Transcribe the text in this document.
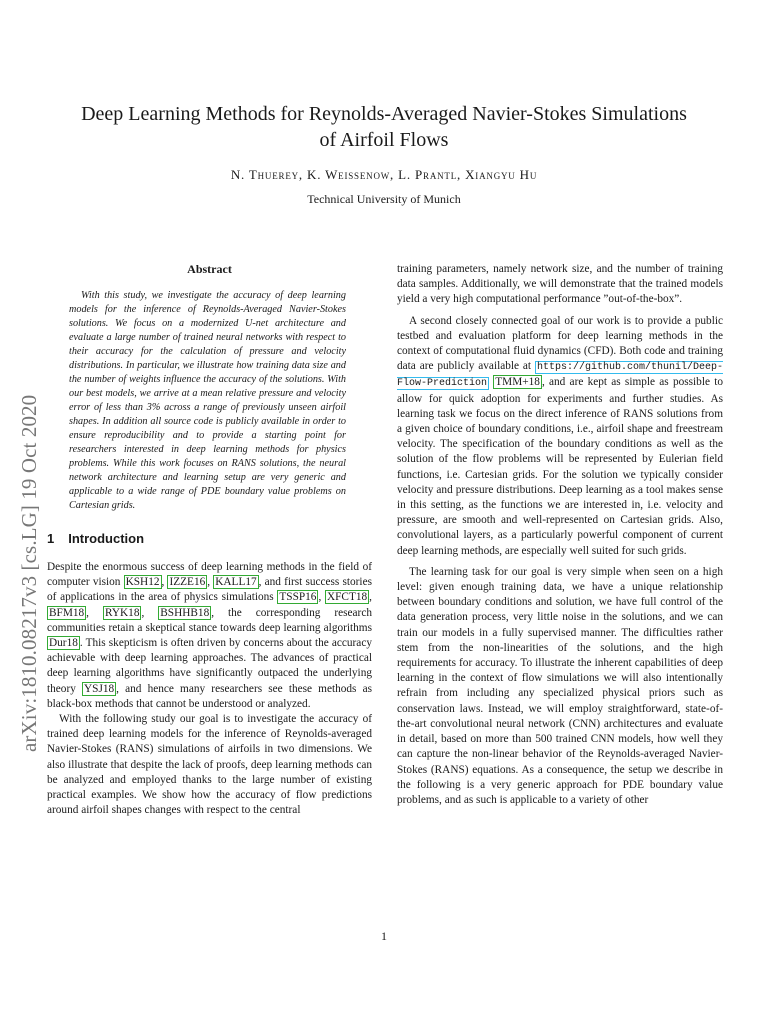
arXiv:1810.08217v3 [cs.LG] 19 Oct 2020
Deep Learning Methods for Reynolds-Averaged Navier-Stokes Simulations
of Airfoil Flows
N. Thuerey, K. Weissenow, L. Prantl, Xiangyu Hu
Technical University of Munich
Abstract

With this study, we investigate the accuracy of deep learning models for the inference of Reynolds-Averaged Navier-Stokes solutions. We focus on a modernized U-net architecture and evaluate a large number of trained neural networks with respect to their accuracy for the calculation of pressure and velocity distributions. In particular, we illustrate how training data size and the number of weights influence the accuracy of the solutions. With our best models, we arrive at a mean relative pressure and velocity error of less than 3% across a range of previously unseen airfoil shapes. In addition all source code is publicly available in order to ensure reproducibility and to provide a starting point for researchers interested in deep learning methods for physics problems. While this work focuses on RANS solutions, the neural network architecture and learning setup are very generic and applicable to a wide range of PDE boundary value problems on Cartesian grids.

1 Introduction

Despite the enormous success of deep learning methods in the field of computer vision KSH12 , IZZE16 , KALL17 , and first success stories of applications in the area of physics simulations TSSP16 , XFCT18 , BFM18 , RYK18 , BSHHB18 , the corresponding research communities retain a skeptical stance towards deep learning algorithms Dur18 . This skepticism is often driven by concerns about the accuracy achievable with deep learning approaches. The advances of practical deep learning algorithms have significantly outpaced the underlying theory YSJ18 , and hence many researchers see these methods as black-box methods that cannot be understood or analyzed.

With the following study our goal is to investigate the accuracy of trained deep learning models for the inference of Reynolds-averaged Navier-Stokes (RANS) simulations of airfoils in two dimensions. We also illustrate that despite the lack of proofs, deep learning methods can be analyzed and employed thanks to the large number of existing practical examples. We show how the accuracy of flow predictions around airfoil shapes changes with respect to the central

training parameters, namely network size, and the number of training data samples. Additionally, we will demonstrate that the trained models yield a very high computational performance ”out-of-the-box”.

A second closely connected goal of our work is to provide a public testbed and evaluation platform for deep learning methods in the context of computational fluid dynamics (CFD). Both code and training data are publicly available at https://github.com/thunil/Deep-Flow-Prediction TMM+18 , and are kept as simple as possible to allow for quick adoption for experiments and further studies. As learning task we focus on the direct inference of RANS solutions from a given choice of boundary conditions, i.e., airfoil shape and freestream velocity. The specification of the boundary conditions as well as the solution of the flow problems will be represented by Eulerian field functions, i.e. Cartesian grids. For the solution we typically consider velocity and pressure distributions. Deep learning as a tool makes sense in this setting, as the functions we are interested in, i.e. velocity and pressure, are smooth and well-represented on Cartesian grids. Also, convolutional layers, as a particularly powerful component of current deep learning methods, are especially well suited for such grids.

The learning task for our goal is very simple when seen on a high level: given enough training data, we have a unique relationship between boundary conditions and solution, we have full control of the data generation process, very little noise in the solutions, and we can train our models in a fully supervised manner. The difficulties rather stem from the non-linearities of the solutions, and the high requirements for accuracy. To illustrate the inherent capabilities of deep learning in the context of flow simulations we will also intentionally refrain from including any specialized physical priors such as conservation laws. Instead, we will employ straightforward, state-of-the-art convolutional neural network (CNN) architectures and evaluate in detail, based on more than 500 trained CNN models, how well they can capture the non-linear behavior of the Reynolds-averaged Navier-Stokes (RANS) equations. As a consequence, the setup we describe in the following is a very generic approach for PDE boundary value problems, and as such is applicable to a variety of other

1
